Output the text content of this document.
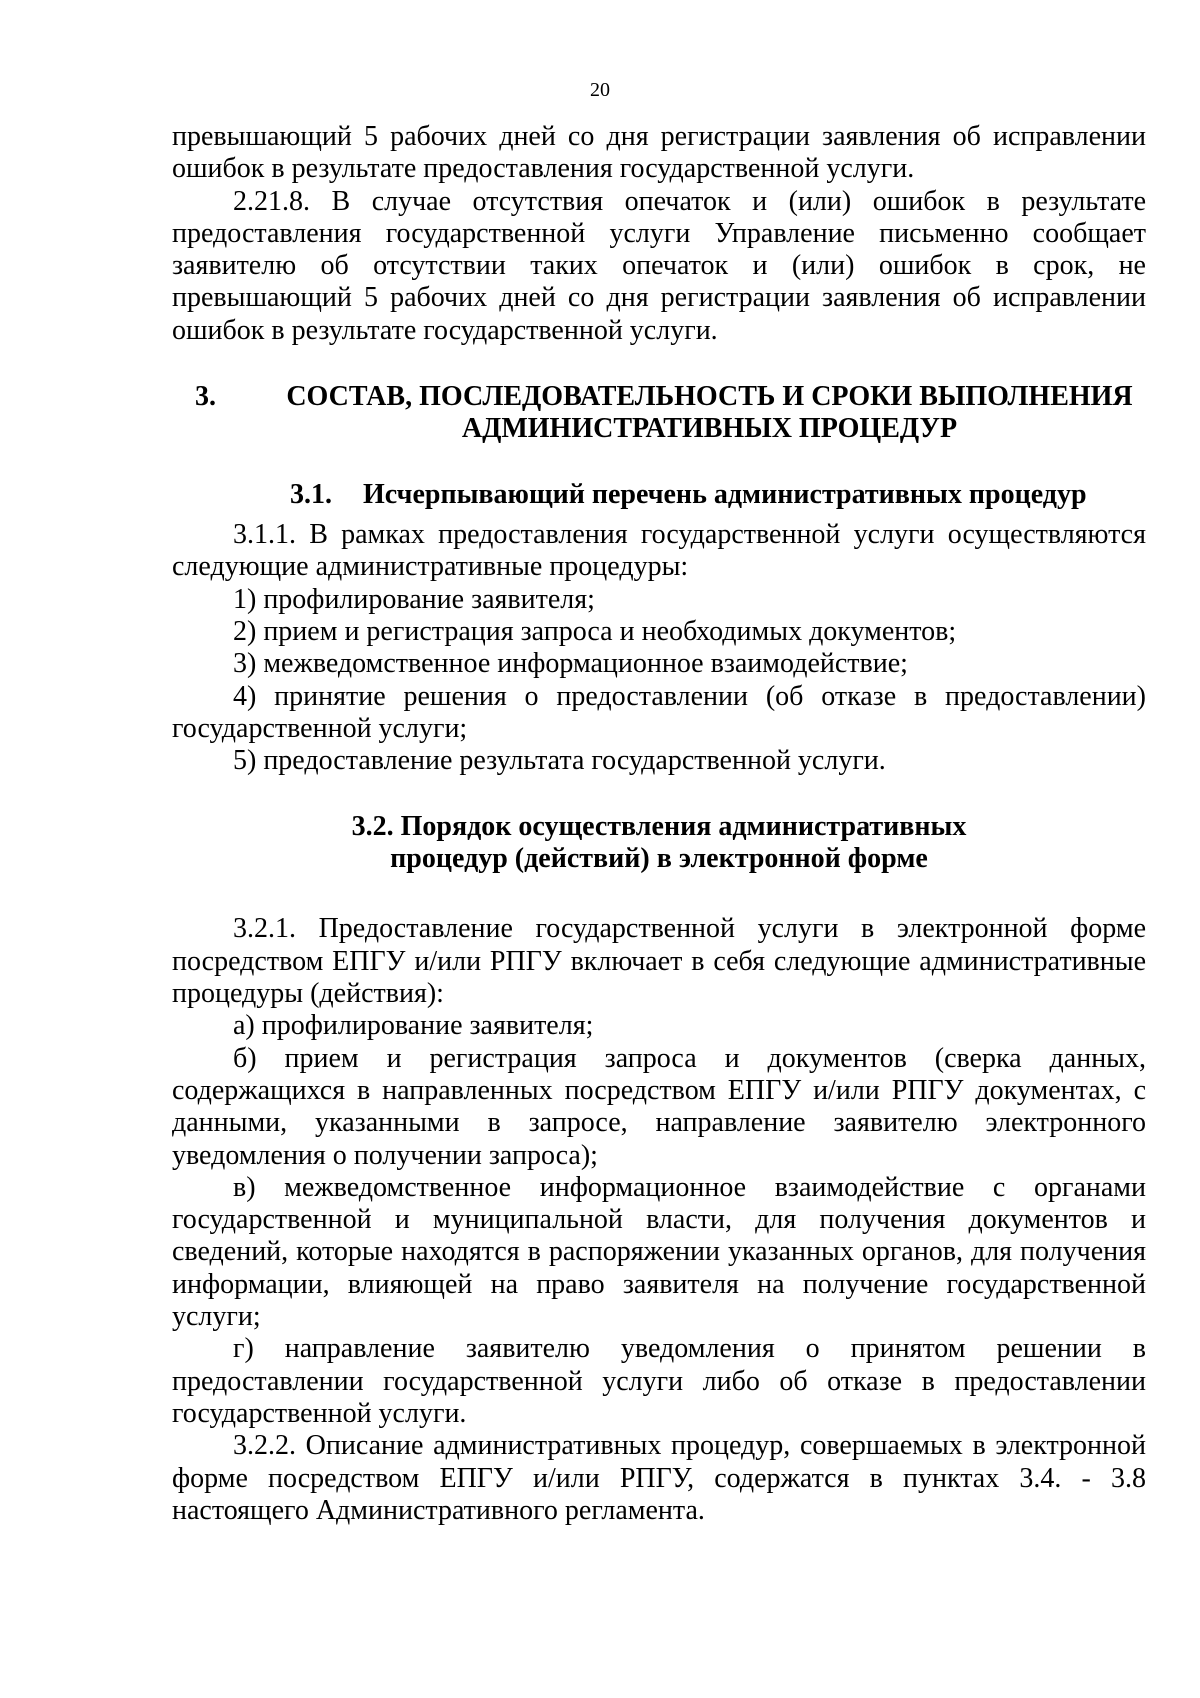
20

превышающий 5 рабочих дней со дня регистрации заявления об исправлении ошибок в результате предоставления государственной услуги.

2.21.8. В случае отсутствия опечаток и (или) ошибок в результате предоставления государственной услуги Управление письменно сообщает заявителю об отсутствии таких опечаток и (или) ошибок в срок, не превышающий 5 рабочих дней со дня регистрации заявления об исправлении ошибок в результате государственной услуги.

3.	СОСТАВ, ПОСЛЕДОВАТЕЛЬНОСТЬ И СРОКИ ВЫПОЛНЕНИЯ
АДМИНИСТРАТИВНЫХ ПРОЦЕДУР
3.1. Исчерпывающий перечень административных процедур

3.1.1. В рамках предоставления государственной услуги осуществляются следующие административные процедуры:

1) профилирование заявителя;

2) прием и регистрация запроса и необходимых документов;

3) межведомственное информационное взаимодействие;

4) принятие решения о предоставлении (об отказе в предоставлении) государственной услуги;

5) предоставление результата государственной услуги.

3.2. Порядок осуществления административных
процедур (действий) в электронной форме

3.2.1. Предоставление государственной услуги в электронной форме посредством ЕПГУ и/или РПГУ включает в себя следующие административные процедуры (действия):

а) профилирование заявителя;

б) прием и регистрация запроса и документов (сверка данных, содержащихся в направленных посредством ЕПГУ и/или РПГУ документах, с данными, указанными в запросе, направление заявителю электронного уведомления о получении запроса);

в) межведомственное информационное взаимодействие с органами государственной и муниципальной власти, для получения документов и сведений, которые находятся в распоряжении указанных органов, для получения информации, влияющей на право заявителя на получение государственной услуги;

г) направление заявителю уведомления о принятом решении в предоставлении государственной услуги либо об отказе в предоставлении государственной услуги.

3.2.2. Описание административных процедур, совершаемых в электронной форме посредством ЕПГУ и/или РПГУ, содержатся в пунктах 3.4. - 3.8 настоящего Административного регламента.
